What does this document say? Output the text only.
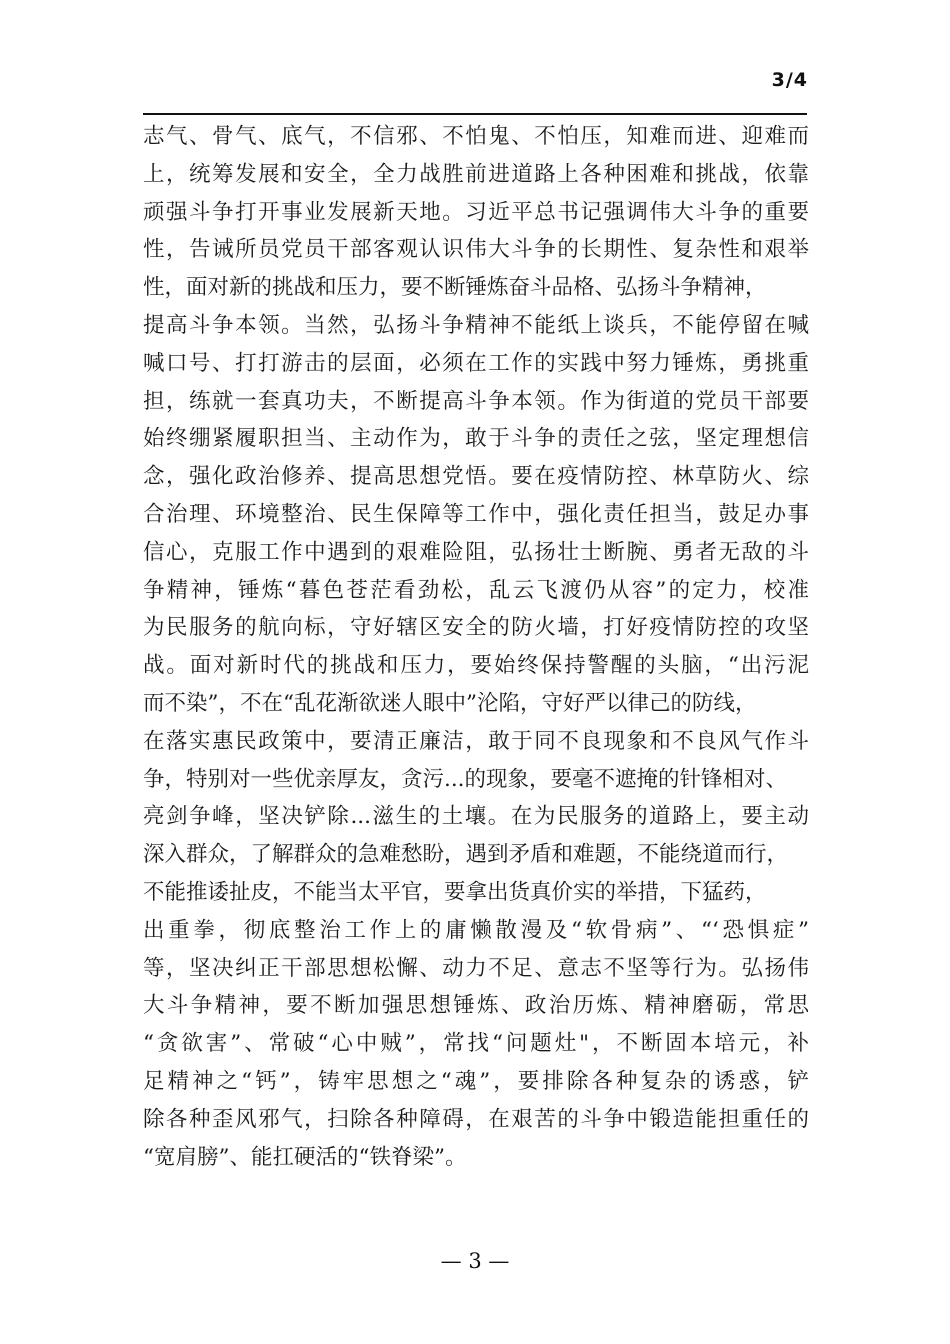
3/4
志气、骨气、底气，不信邪、不怕鬼、不怕压，知难而进、迎难而
上，统筹发展和安全，全力战胜前进道路上各种困难和挑战，依靠
顽强斗争打开事业发展新天地。习近平总书记强调伟大斗争的重要
性，告诫所员党员干部客观认识伟大斗争的长期性、复杂性和艰举
性，面对新的挑战和压力，要不断锤炼奋斗品格、弘扬斗争精神，
提高斗争本领。当然，弘扬斗争精神不能纸上谈兵，不能停留在喊
喊口号、打打游击的层面，必须在工作的实践中努力锤炼，勇挑重
担，练就一套真功夫，不断提高斗争本领。作为街道的党员干部要
始终绷紧履职担当、主动作为，敢于斗争的责任之弦，坚定理想信
念，强化政治修养、提高思想党悟。要在疫情防控、林草防火、综
合治理、环境整治、民生保障等工作中，强化责任担当，鼓足办事
信心，克服工作中遇到的艰难险阻，弘扬壮士断腕、勇者无敌的斗
争精神，锤炼“暮色苍茫看劲松，乱云飞渡仍从容”的定力，校准
为民服务的航向标，守好辖区安全的防火墙，打好疫情防控的攻坚
战。面对新时代的挑战和压力，要始终保持警醒的头脑，“出污泥
而不染”，不在“乱花渐欲迷人眼中”沦陷，守好严以律己的防线，
在落实惠民政策中，要清正廉洁，敢于同不良现象和不良风气作斗
争，特别对一些优亲厚友，贪污...的现象，要毫不遮掩的针锋相对、
亮剑争峰，坚决铲除...滋生的土壤。在为民服务的道路上，要主动
深入群众，了解群众的急难愁盼，遇到矛盾和难题，不能绕道而行，
不能推诿扯皮，不能当太平官，要拿出货真价实的举措，下猛药，
出重拳，彻底整治工作上的庸懒散漫及“软骨病”、“‘恐惧症”
等，坚决纠正干部思想松懈、动力不足、意志不坚等行为。弘扬伟
大斗争精神，要不断加强思想锤炼、政治历炼、精神磨砺，常思
“贪欲害”、常破“心中贼”，常找“问题灶"，不断固本培元，补
足精神之“钙”，铸牢思想之“魂”，要排除各种复杂的诱惑，铲
除各种歪风邪气，扫除各种障碍，在艰苦的斗争中锻造能担重任的
“宽肩膀”、能扛硬活的“铁脊梁”。
— 3 —
